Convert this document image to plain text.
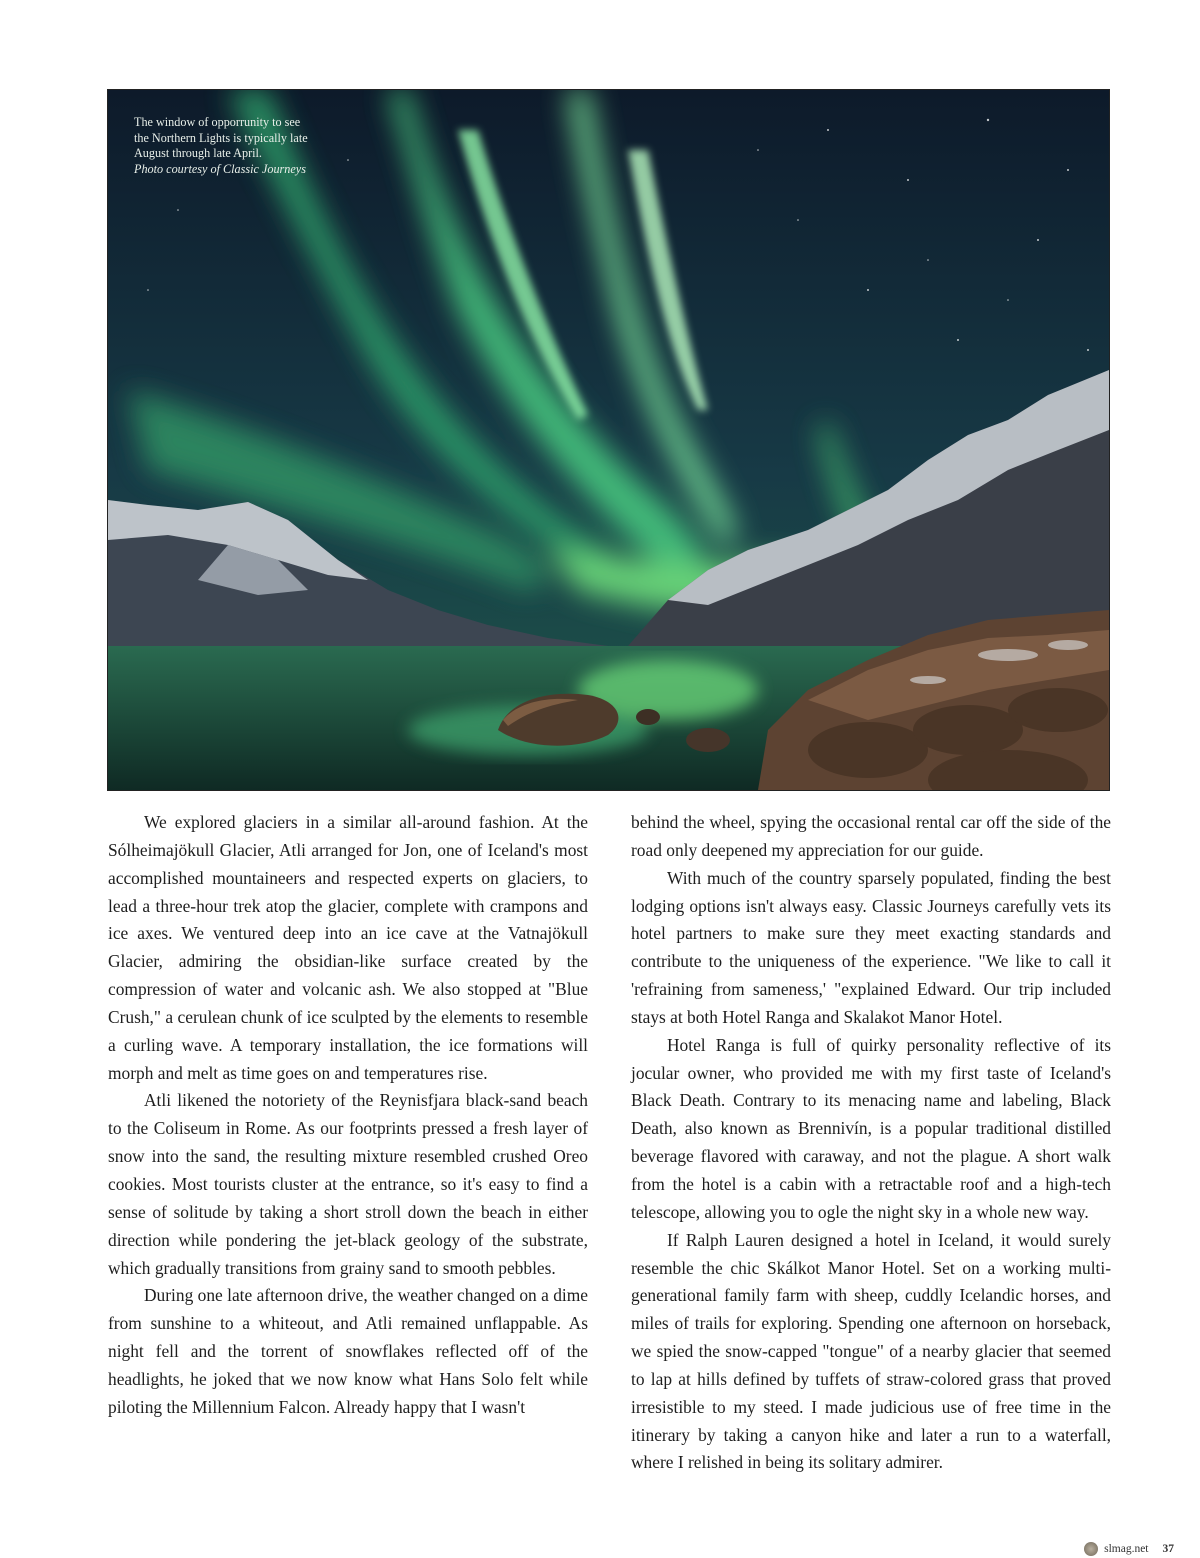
The window of opporrunity to see
the Northern Lights is typically late
August through late April.
Photo courtesy of Classic Journeys

We explored glaciers in a similar all-around fashion. At the Sólheimajökull Glacier, Atli arranged for Jon, one of Iceland's most accomplished mountaineers and respected experts on glaciers, to lead a three-hour trek atop the glacier, complete with crampons and ice axes. We ventured deep into an ice cave at the Vatnajökull Glacier, admiring the obsidian-like surface created by the compression of water and volcanic ash. We also stopped at "Blue Crush," a cerulean chunk of ice sculpted by the elements to resemble a curling wave. A temporary installation, the ice formations will morph and melt as time goes on and temperatures rise.

Atli likened the notoriety of the Reynisfjara black-sand beach to the Coliseum in Rome. As our footprints pressed a fresh layer of snow into the sand, the resulting mixture resembled crushed Oreo cookies. Most tourists cluster at the entrance, so it's easy to find a sense of solitude by taking a short stroll down the beach in either direction while pondering the jet-black geology of the substrate, which gradually transitions from grainy sand to smooth pebbles.

During one late afternoon drive, the weather changed on a dime from sunshine to a whiteout, and Atli remained unflappable. As night fell and the torrent of snowflakes reflected off of the headlights, he joked that we now know what Hans Solo felt while piloting the Millennium Falcon. Already happy that I wasn't

behind the wheel, spying the occasional rental car off the side of the road only deepened my appreciation for our guide.

With much of the country sparsely populated, finding the best lodging options isn't always easy. Classic Journeys carefully vets its hotel partners to make sure they meet exacting standards and contribute to the uniqueness of the experience. "We like to call it 'refraining from sameness,' "explained Edward. Our trip included stays at both Hotel Ranga and Skalakot Manor Hotel.

Hotel Ranga is full of quirky personality reflective of its jocular owner, who provided me with my first taste of Iceland's Black Death. Contrary to its menacing name and labeling, Black Death, also known as Brennivín, is a popular traditional distilled beverage flavored with caraway, and not the plague. A short walk from the hotel is a cabin with a retractable roof and a high-tech telescope, allowing you to ogle the night sky in a whole new way.

If Ralph Lauren designed a hotel in Iceland, it would surely resemble the chic Skálkot Manor Hotel. Set on a working multi-generational family farm with sheep, cuddly Icelandic horses, and miles of trails for exploring. Spending one afternoon on horseback, we spied the snow-capped "tongue" of a nearby glacier that seemed to lap at hills defined by tuffets of straw-colored grass that proved irresistible to my steed. I made judicious use of free time in the itinerary by taking a canyon hike and later a run to a waterfall, where I relished in being its solitary admirer.

slmag.net 37
